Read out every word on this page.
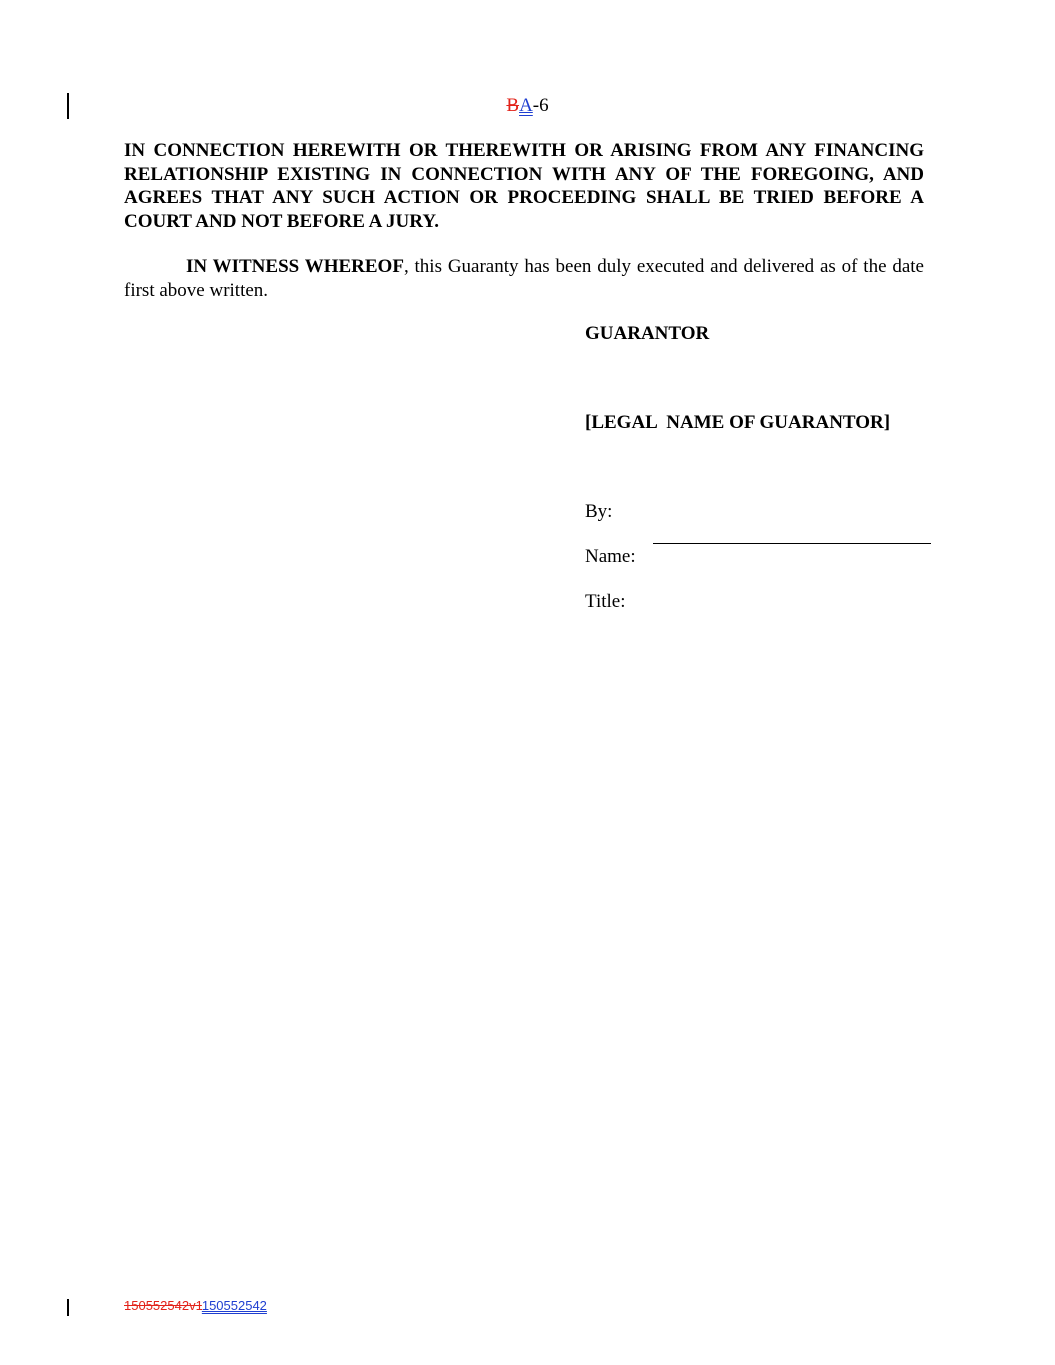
BA-6
IN CONNECTION HEREWITH OR THEREWITH OR ARISING FROM ANY FINANCING RELATIONSHIP EXISTING IN CONNECTION WITH ANY OF THE FOREGOING, AND AGREES THAT ANY SUCH ACTION OR PROCEEDING SHALL BE TRIED BEFORE A COURT AND NOT BEFORE A JURY.
IN WITNESS WHEREOF, this Guaranty has been duly executed and delivered as of the date first above written.
GUARANTOR
[LEGAL  NAME OF GUARANTOR]
By:
Name:
Title:
150552542v1150552542
